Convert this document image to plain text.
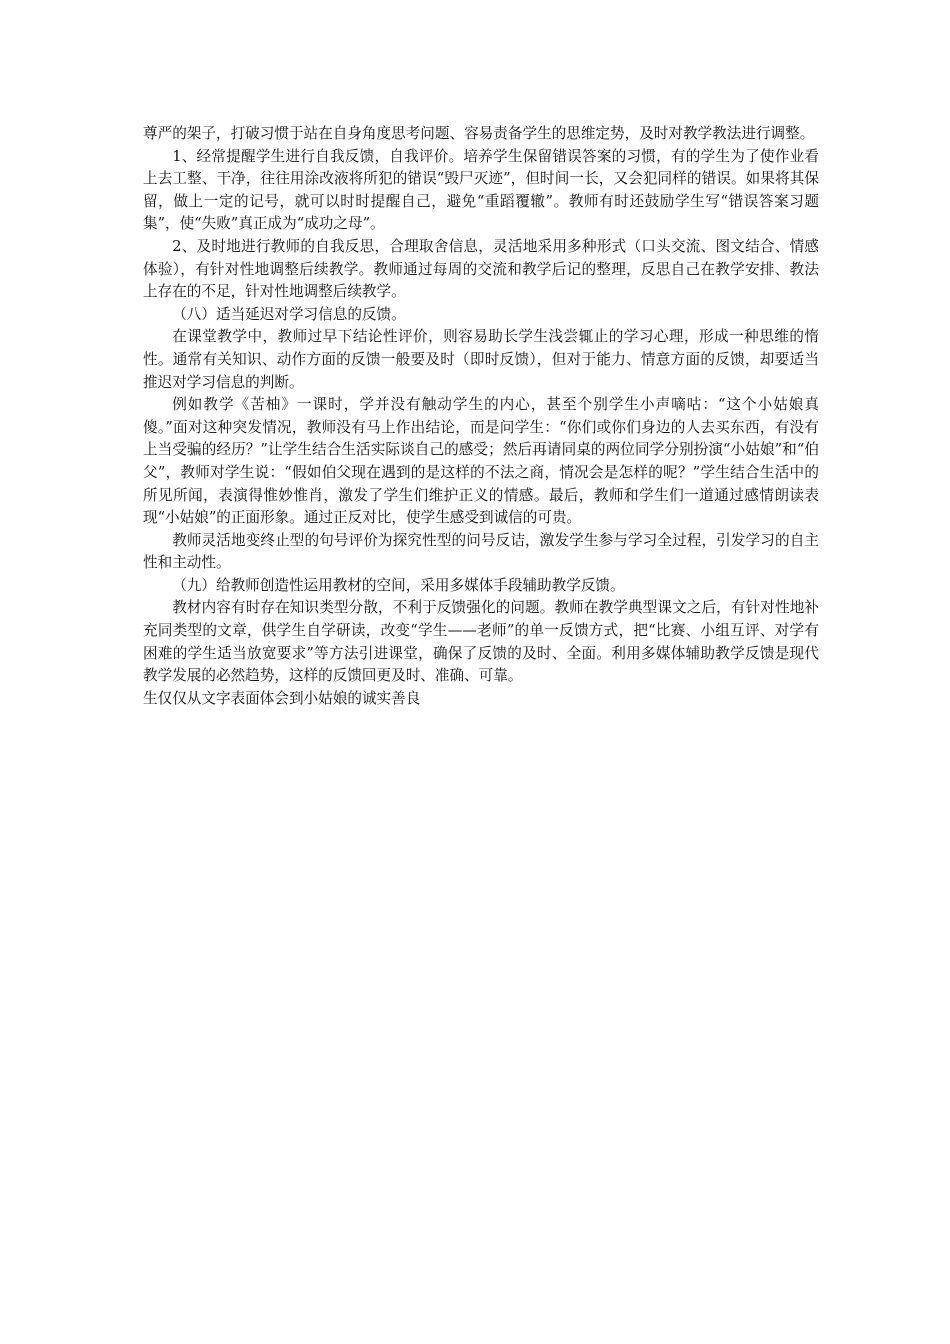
尊严的架子，打破习惯于站在自身角度思考问题、容易责备学生的思维定势，及时对教学教法进行调整。

1、经常提醒学生进行自我反馈，自我评价。培养学生保留错误答案的习惯，有的学生为了使作业看上去工整、干净，往往用涂改液将所犯的错误“毁尸灭迹”，但时间一长，又会犯同样的错误。如果将其保留，做上一定的记号，就可以时时提醒自己，避免“重蹈覆辙”。教师有时还鼓励学生写“错误答案习题集”，使“失败”真正成为“成功之母”。

2、及时地进行教师的自我反思，合理取舍信息，灵活地采用多种形式（口头交流、图文结合、情感体验），有针对性地调整后续教学。教师通过每周的交流和教学后记的整理，反思自己在教学安排、教法上存在的不足，针对性地调整后续教学。

（八）适当延迟对学习信息的反馈。

在课堂教学中，教师过早下结论性评价，则容易助长学生浅尝辄止的学习心理，形成一种思维的惰性。通常有关知识、动作方面的反馈一般要及时（即时反馈），但对于能力、情意方面的反馈，却要适当推迟对学习信息的判断。

例如教学《苦柚》一课时，学并没有触动学生的内心，甚至个别学生小声嘀咕：“这个小姑娘真傻。”面对这种突发情况，教师没有马上作出结论，而是问学生：“你们或你们身边的人去买东西，有没有上当受骗的经历？”让学生结合生活实际谈自己的感受；然后再请同桌的两位同学分别扮演“小姑娘”和“伯父”，教师对学生说：“假如伯父现在遇到的是这样的不法之商，情况会是怎样的呢？”学生结合生活中的所见所闻，表演得惟妙惟肖，激发了学生们维护正义的情感。最后，教师和学生们一道通过感情朗读表现“小姑娘”的正面形象。通过正反对比，使学生感受到诚信的可贵。

教师灵活地变终止型的句号评价为探究性型的问号反诘，激发学生参与学习全过程，引发学习的自主性和主动性。

（九）给教师创造性运用教材的空间，采用多媒体手段辅助教学反馈。

教材内容有时存在知识类型分散，不利于反馈强化的问题。教师在教学典型课文之后，有针对性地补充同类型的文章，供学生自学研读，改变“学生——老师”的单一反馈方式，把“比赛、小组互评、对学有困难的学生适当放宽要求”等方法引进课堂，确保了反馈的及时、全面。利用多媒体辅助教学反馈是现代教学发展的必然趋势，这样的反馈回更及时、准确、可靠。

生仅仅从文字表面体会到小姑娘的诚实善良
